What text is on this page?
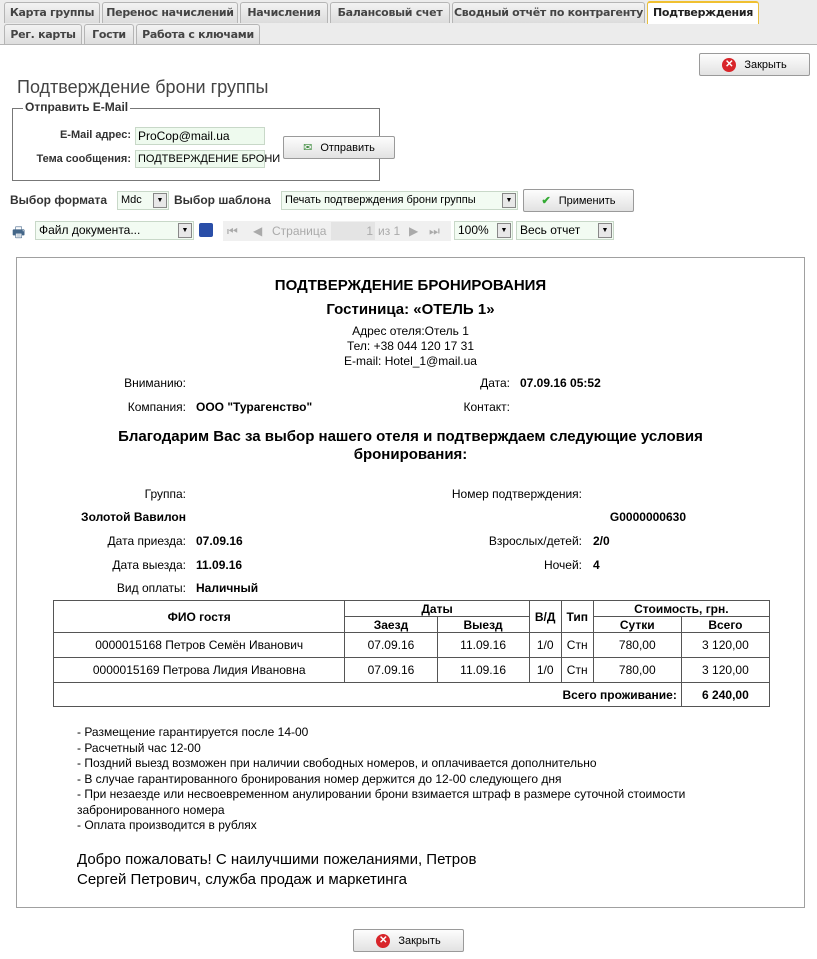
Карта группы	Перенос начислений	Начисления	Балансовый счет	Сводный отчёт по контрагенту Подтверждения
Рег. карты	Гости	Работа с ключами
✕ Закрыть
Подтверждение брони группы
Отправить E-Mail
E-Mail адрес: ProCop@mail.ua
Тема сообщения: ПОДТВЕРЖДЕНИЕ БРОНИ
✉ Отправить
Выбор формата	Mdc	▼ Выбор шаблона	Печать подтверждения брони группы	▼	✔ Применить
🖶	Файл документа...	▼	⏮ ◀ Страница	1 из 1 ▶ ⏭	100%	▼	Весь отчет	▼
ПОДТВЕРЖДЕНИЕ БРОНИРОВАНИЯ
Гостиница: «ОТЕЛЬ 1»
Адрес отеля:Отель 1
Тел: +38 044 120 17 31
E-mail: Hotel_1@mail.ua
Вниманию:	Дата: 07.09.16 05:52
Компания: ООО "Турагенство"	Контакт:
Благодарим Вас за выбор нашего отеля и подтверждаем следующие условия
бронирования:
Группа:	Номер подтверждения:
Золотой Вавилон	G0000000630
Дата приезда: 07.09.16	Взрослых/детей: 2/0
Дата выезда: 11.09.16	Ночей: 4
Вид оплаты: Наличный
ФИО гостя	Даты		В/Д	Тип	Стоимость, грн.	
	Заезд	Выезд			Сутки	Всего
0000015168 Петров Семён Иванович	07.09.16	11.09.16	1/0	Стн	780,00	3 120,00
0000015169 Петрова Лидия Ивановна	07.09.16	11.09.16	1/0	Стн	780,00	3 120,00
Всего проживание:						6 240,00
- Размещение гарантируется после 14-00
- Расчетный час 12-00
- Поздний выезд возможен при наличии свободных номеров, и оплачивается дополнительно
- В случае гарантированного бронирования номер держится до 12-00 следующего дня
- При незаезде или несвоевременном анулировании брони взимается штраф в размере суточной стоимости
забронированного номера
- Оплата производится в рублях
Добро пожаловать! С наилучшими пожеланиями, Петров
Сергей Петрович, служба продаж и маркетинга
✕ Закрыть
